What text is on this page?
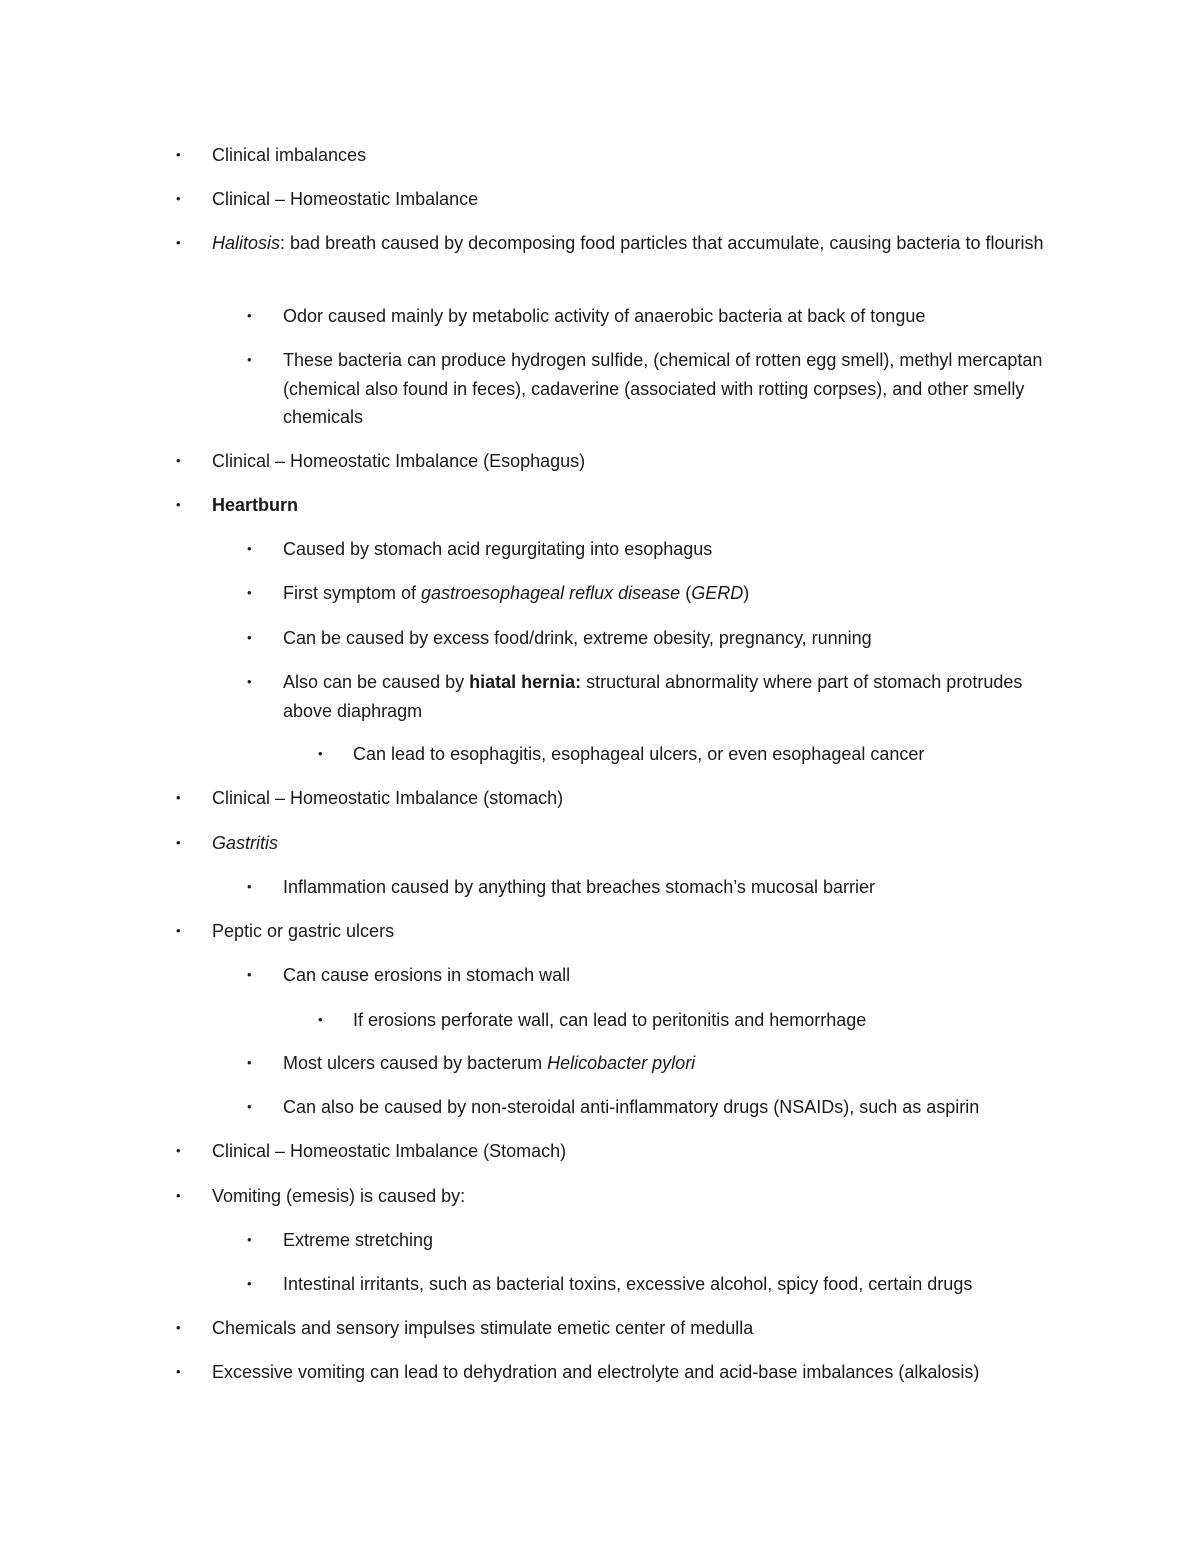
• Clinical imbalances
• Clinical – Homeostatic Imbalance
• Halitosis: bad breath caused by decomposing food particles that accumulate, causing bacteria to flourish
• Odor caused mainly by metabolic activity of anaerobic bacteria at back of tongue
• These bacteria can produce hydrogen sulfide, (chemical of rotten egg smell), methyl mercaptan (chemical also found in feces), cadaverine (associated with rotting corpses), and other smelly chemicals
• Clinical – Homeostatic Imbalance (Esophagus)
• Heartburn
• Caused by stomach acid regurgitating into esophagus
• First symptom of gastroesophageal reflux disease (GERD)
• Can be caused by excess food/drink, extreme obesity, pregnancy, running
• Also can be caused by hiatal hernia: structural abnormality where part of stomach protrudes above diaphragm
• Can lead to esophagitis, esophageal ulcers, or even esophageal cancer
• Clinical – Homeostatic Imbalance (stomach)
• Gastritis
• Inflammation caused by anything that breaches stomach’s mucosal barrier
• Peptic or gastric ulcers
• Can cause erosions in stomach wall
• If erosions perforate wall, can lead to peritonitis and hemorrhage
• Most ulcers caused by bacterum Helicobacter pylori
• Can also be caused by non-steroidal anti-inflammatory drugs (NSAIDs), such as aspirin
• Clinical – Homeostatic Imbalance (Stomach)
• Vomiting (emesis) is caused by:
• Extreme stretching
• Intestinal irritants, such as bacterial toxins, excessive alcohol, spicy food, certain drugs
• Chemicals and sensory impulses stimulate emetic center of medulla
• Excessive vomiting can lead to dehydration and electrolyte and acid-base imbalances (alkalosis)
